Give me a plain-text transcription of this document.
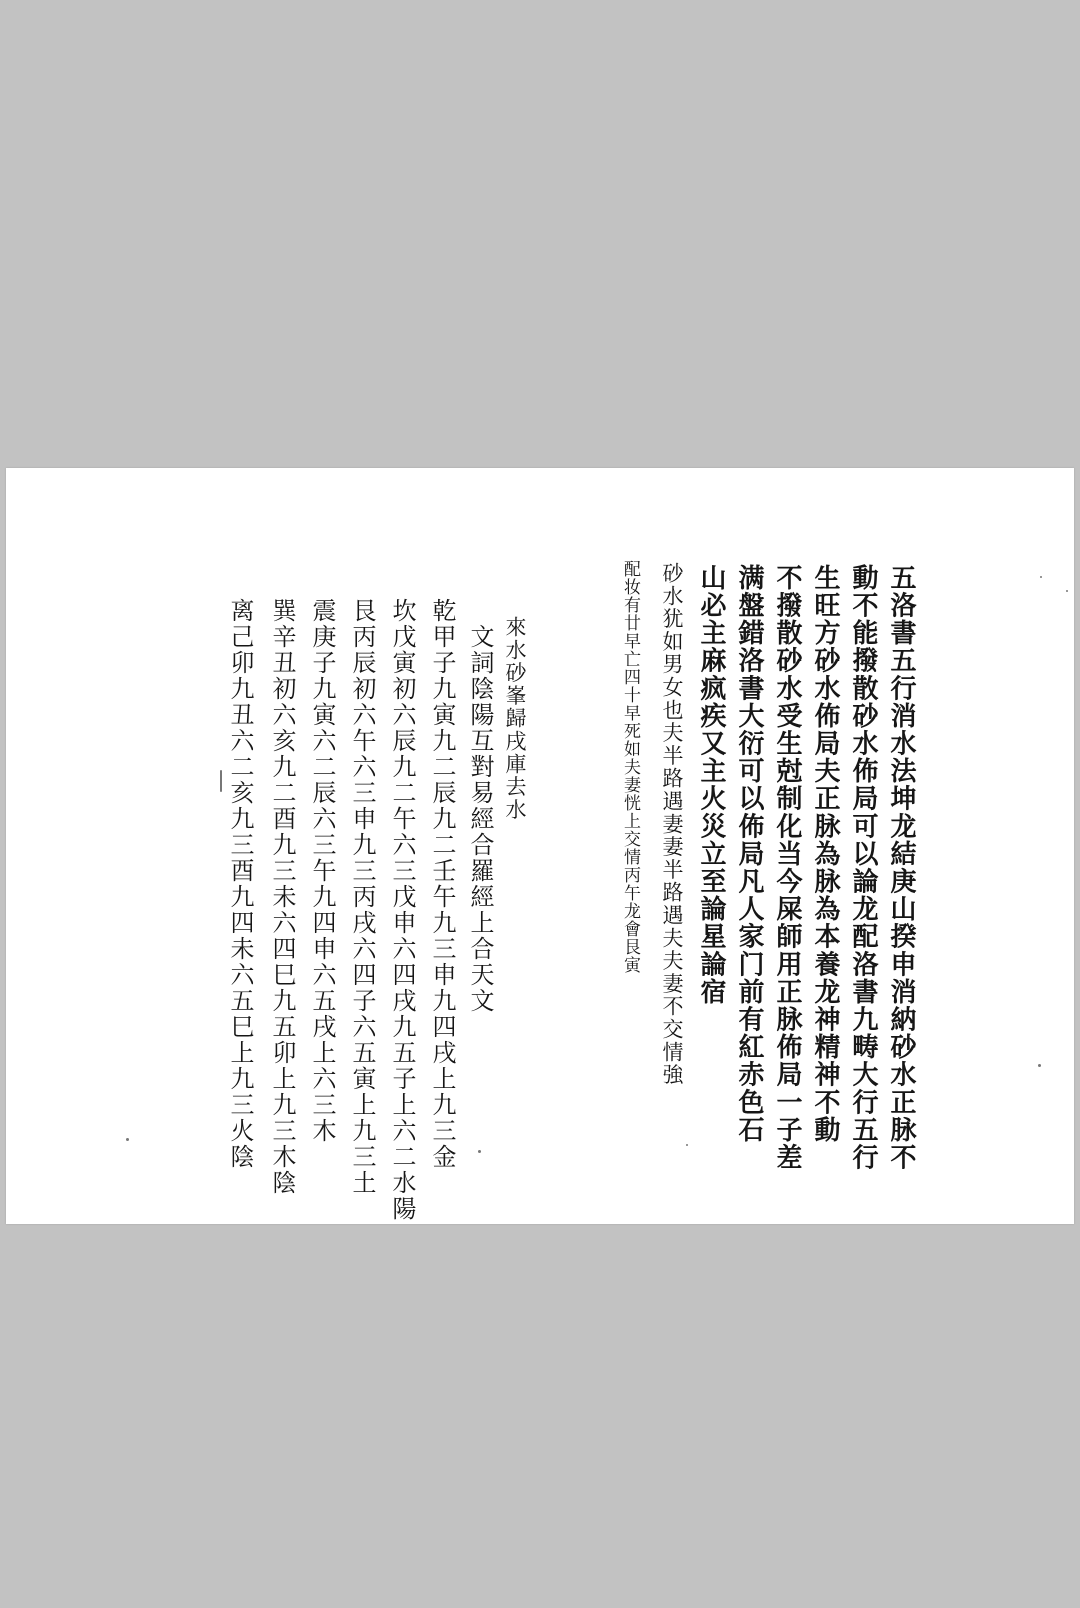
五洛書五行消水法坤龙結庚山揆申消納砂水正脉不
動不能撥散砂水佈局可以論龙配洛書九畴大行五行
生旺方砂水佈局夫正脉為脉為本養龙神精神不動
不撥散砂水受生尅制化当今屎師用正脉佈局一子差
满盤錯洛書大衍可以佈局凡人家门前有紅赤色石
山必主麻疯疾又主火災立至論星論宿
砂水犹如男女也夫半路遇妻妻半路遇夫夫妻不交情強
配妆有廿早亡四十早死如夫妻恍上交情丙午龙會艮寅
來水砂峯歸戌庫去水
文詞陰陽互對易經合羅經上合天文
乾甲子九寅九二辰九二壬午九三申九四戌上九三金
坎戊寅初六辰九二午六三戊申六四戌九五子上六二水陽
艮丙辰初六午六三申九三丙戌六四子六五寅上九三土
震庚子九寅六二辰六三午九四申六五戌上六三木
巽辛丑初六亥九二酉九三未六四巳九五卯上九三木陰
离己卯九丑六二亥九三酉九四未六五巳上九三火陰
